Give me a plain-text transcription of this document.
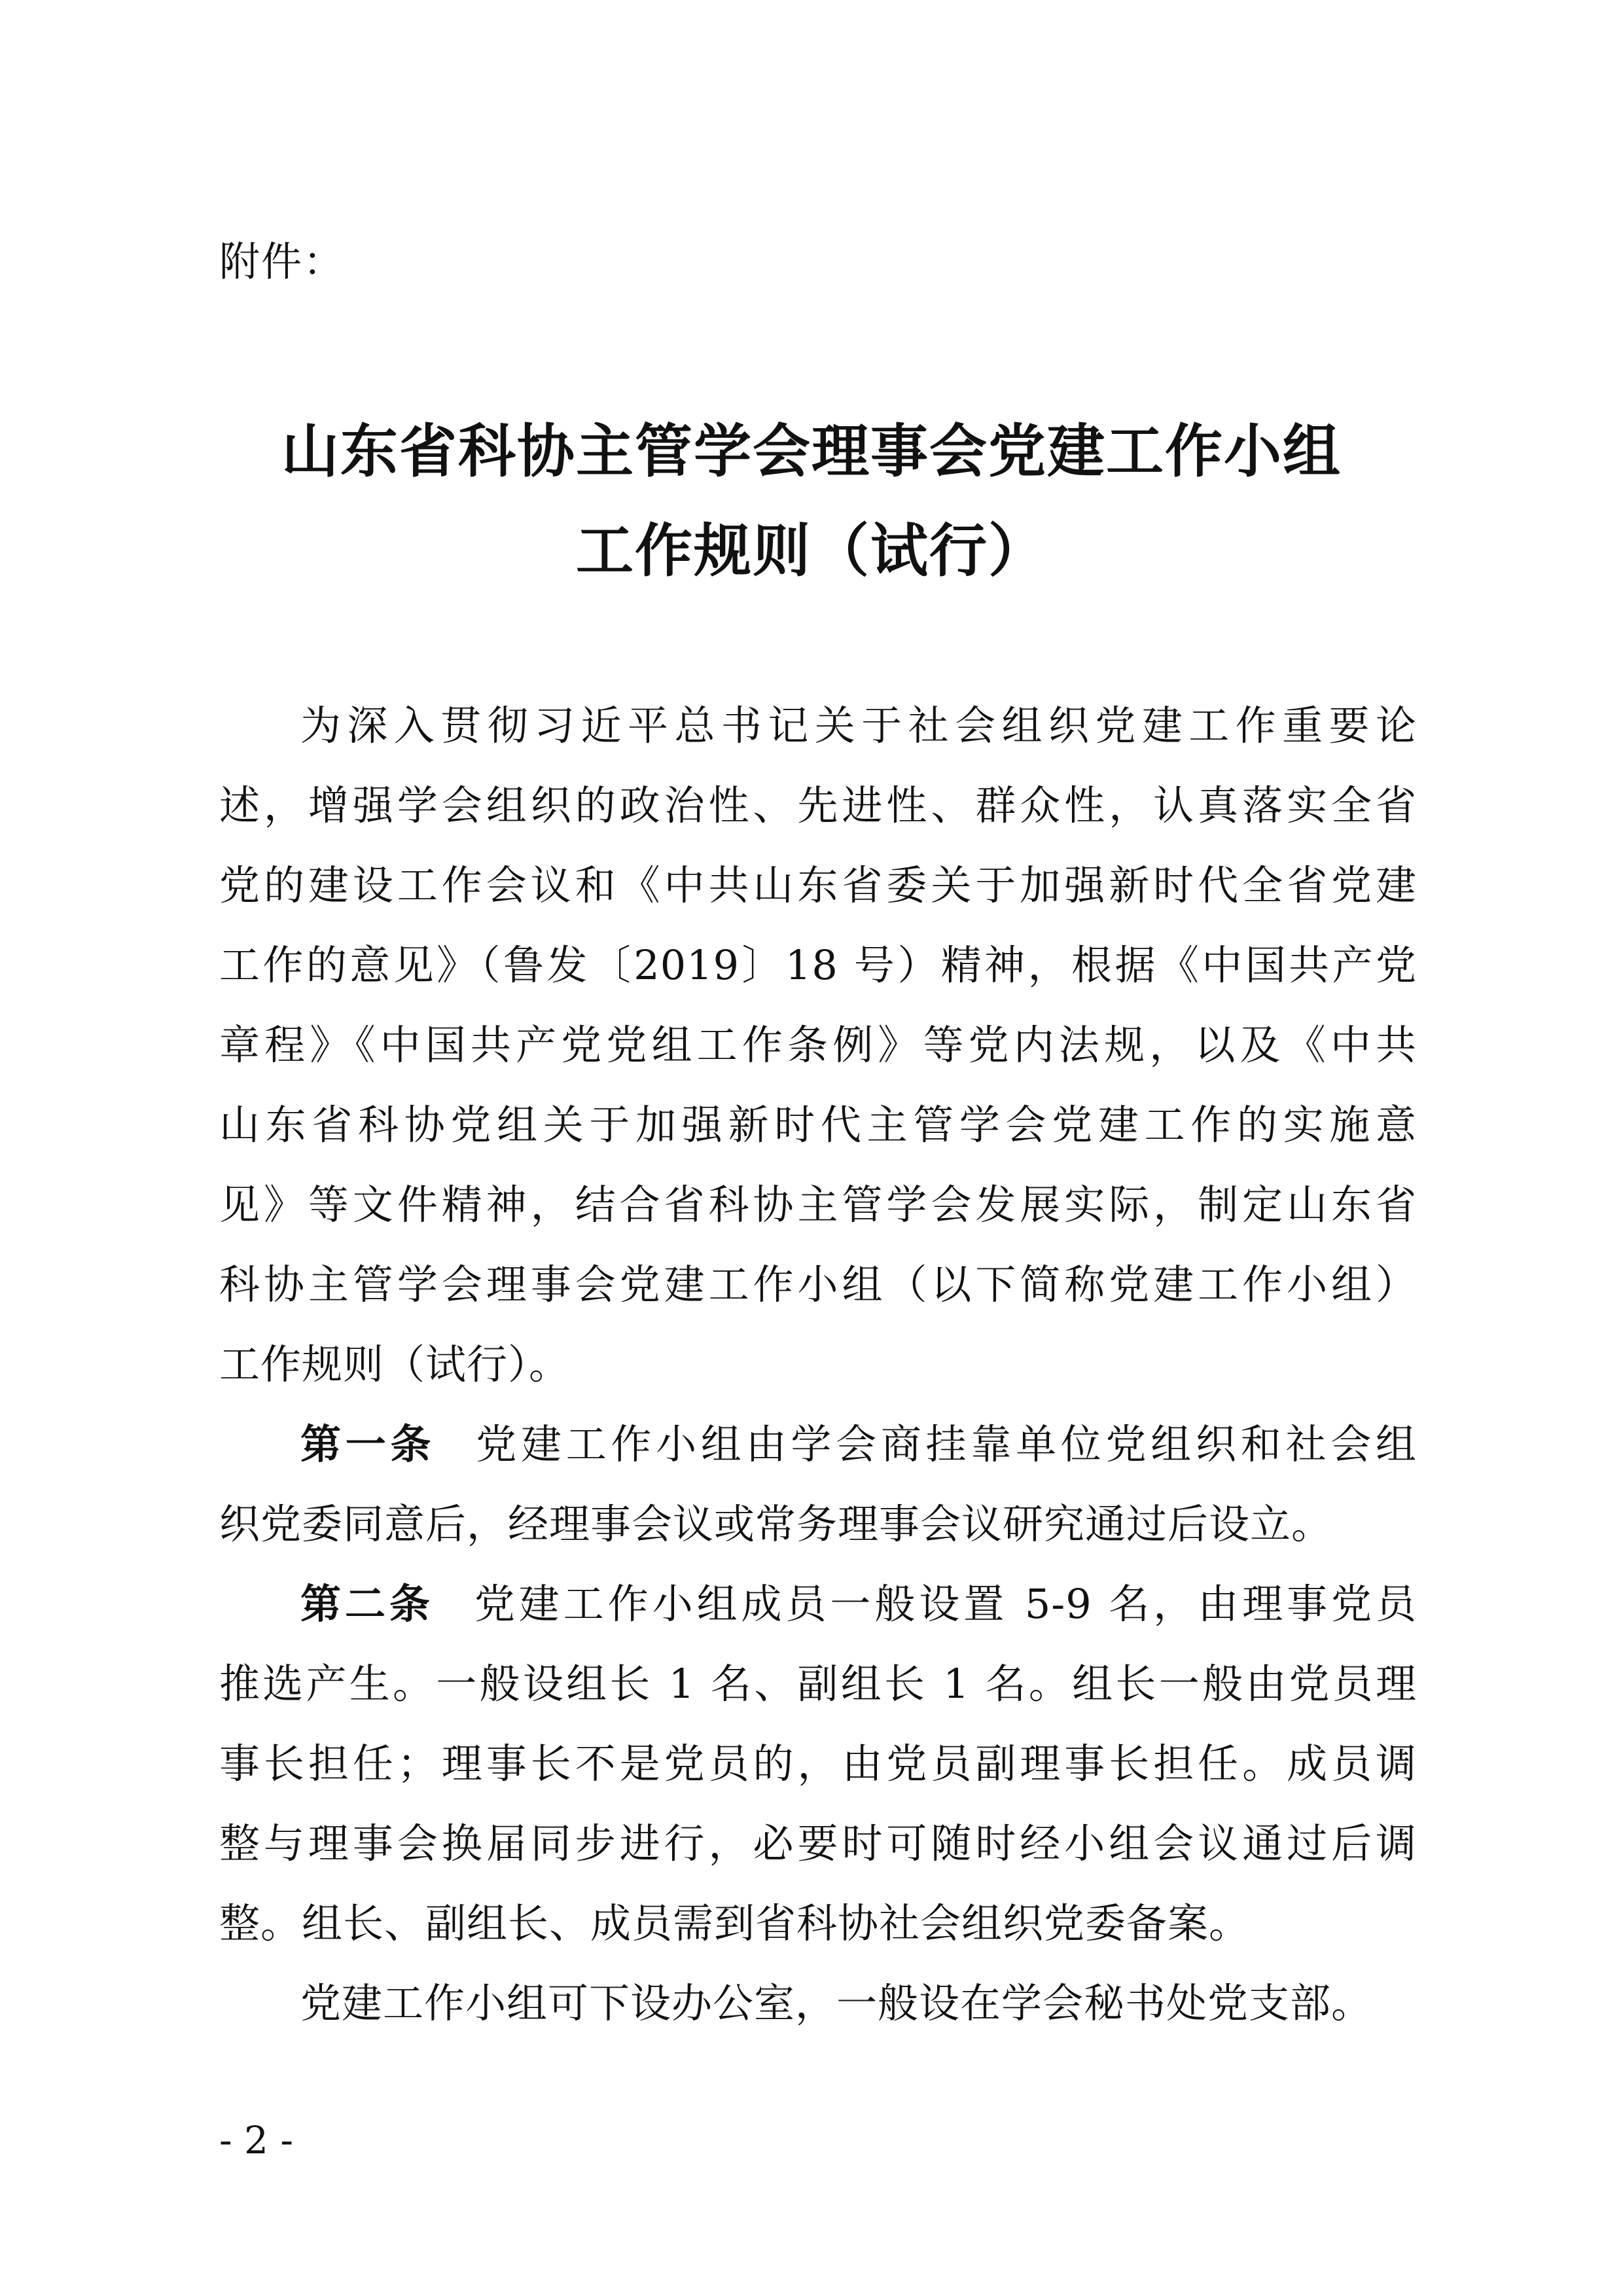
附件：
山东省科协主管学会理事会党建工作小组
工作规则（试行）
为深入贯彻习近平总书记关于社会组织党建工作重要论
述，增强学会组织的政治性、先进性、群众性，认真落实全省
党的建设工作会议和《中共山东省委关于加强新时代全省党建
工作的意见》（鲁发〔2019〕18 号）精神，根据《中国共产党
章程》《中国共产党党组工作条例》等党内法规，以及《中共
山东省科协党组关于加强新时代主管学会党建工作的实施意
见》等文件精神，结合省科协主管学会发展实际，制定山东省
科协主管学会理事会党建工作小组（以下简称党建工作小组）
工作规则（试行）。
第一条 党建工作小组由学会商挂靠单位党组织和社会组
织党委同意后，经理事会议或常务理事会议研究通过后设立。
第二条 党建工作小组成员一般设置 5-9 名，由理事党员
推选产生。一般设组长 1 名、副组长 1 名。组长一般由党员理
事长担任；理事长不是党员的，由党员副理事长担任。成员调
整与理事会换届同步进行，必要时可随时经小组会议通过后调
整。组长、副组长、成员需到省科协社会组织党委备案。
党建工作小组可下设办公室，一般设在学会秘书处党支部。
- 2 -
